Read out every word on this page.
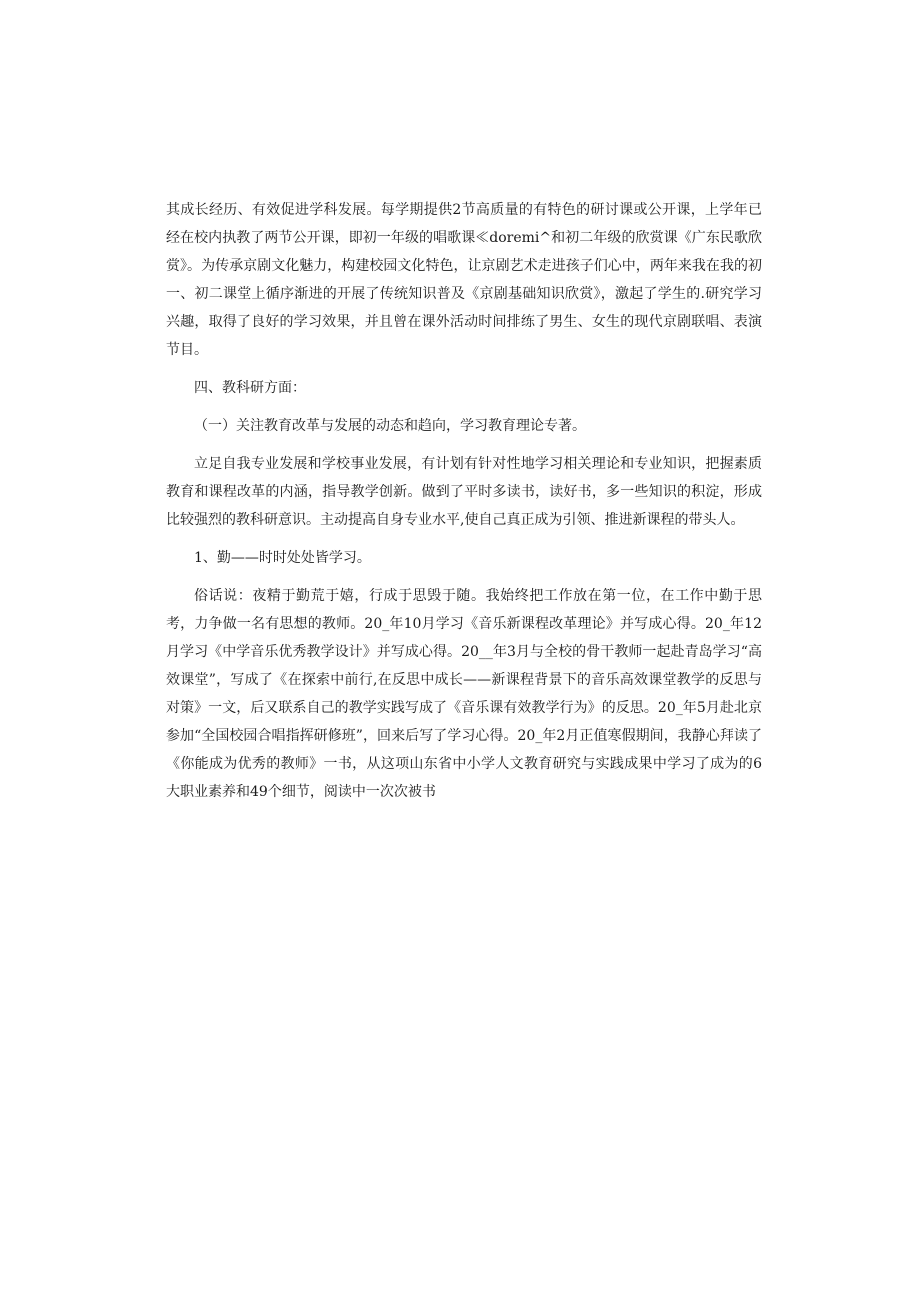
其成长经历、有效促进学科发展。每学期提供2节高质量的有特色的研讨课或公开课，上学年已经在校内执教了两节公开课，即初一年级的唱歌课≪doremi^和初二年级的欣赏课《广东民歌欣赏》。为传承京剧文化魅力，构建校园文化特色，让京剧艺术走进孩子们心中，两年来我在我的初一、初二课堂上循序渐进的开展了传统知识普及《京剧基础知识欣赏》，激起了学生的.研究学习兴趣，取得了良好的学习效果，并且曾在课外活动时间排练了男生、女生的现代京剧联唱、表演节目。

四、教科研方面：

（一）关注教育改革与发展的动态和趋向，学习教育理论专著。

立足自我专业发展和学校事业发展，有计划有针对性地学习相关理论和专业知识，把握素质教育和课程改革的内涵，指导教学创新。做到了平时多读书，读好书，多一些知识的积淀，形成比较强烈的教科研意识。主动提高自身专业水平,使自己真正成为引领、推进新课程的带头人。

1、勤——时时处处皆学习。

俗话说：夜精于勤荒于嬉，行成于思毁于随。我始终把工作放在第一位，在工作中勤于思考，力争做一名有思想的教师。20_年10月学习《音乐新课程改革理论》并写成心得。20_年12月学习《中学音乐优秀教学设计》并写成心得。20__年3月与全校的骨干教师一起赴青岛学习“高效课堂”，写成了《在探索中前行,在反思中成长——新课程背景下的音乐高效课堂教学的反思与对策》一文，后又联系自己的教学实践写成了《音乐课有效教学行为》的反思。20_年5月赴北京参加“全国校园合唱指挥研修班”，回来后写了学习心得。20_年2月正值寒假期间，我静心拜读了《你能成为优秀的教师》一书，从这项山东省中小学人文教育研究与实践成果中学习了成为的6大职业素养和49个细节，阅读中一次次被书
